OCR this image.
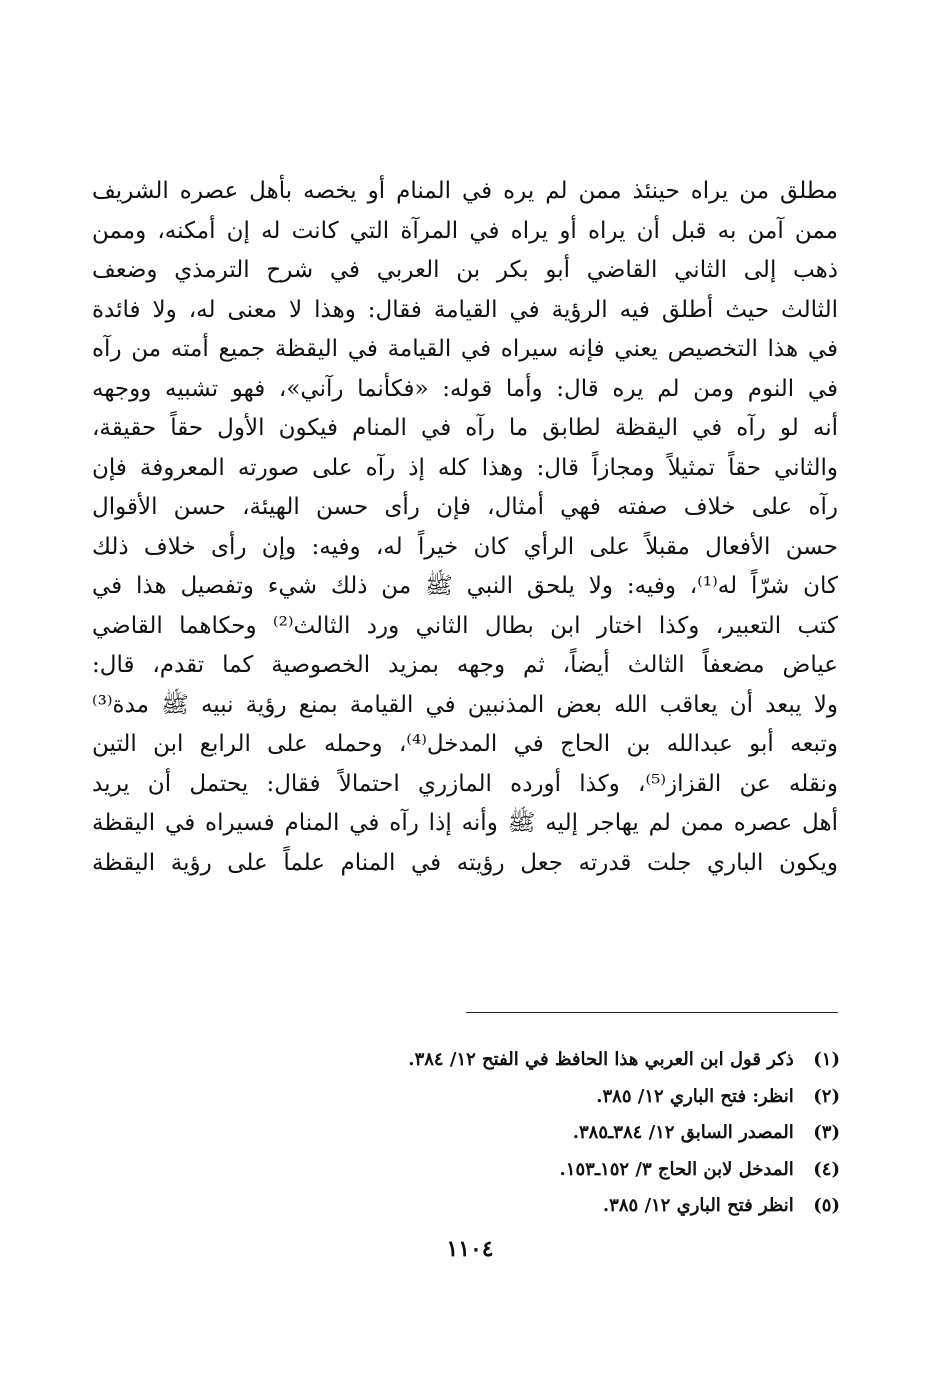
مطلق من يراه حينئذ ممن لم يره في المنام أو يخصه بأهل عصره الشريف
ممن آمن به قبل أن يراه أو يراه في المرآة التي كانت له إن أمكنه، وممن
ذهب إلى الثاني القاضي أبو بكر بن العربي في شرح الترمذي وضعف
الثالث حيث أطلق فيه الرؤية في القيامة فقال: وهذا لا معنى له، ولا فائدة
في هذا التخصيص يعني فإنه سيراه في القيامة في اليقظة جميع أمته من رآه
في النوم ومن لم يره قال: وأما قوله: «فكأنما رآني»، فهو تشبيه ووجهه
أنه لو رآه في اليقظة لطابق ما رآه في المنام فيكون الأول حقاً حقيقة،
والثاني حقاً تمثيلاً ومجازاً قال: وهذا كله إذ رآه على صورته المعروفة فإن
رآه على خلاف صفته فهي أمثال، فإن رأى حسن الهيئة، حسن الأقوال
حسن الأفعال مقبلاً على الرأي كان خيراً له، وفيه: وإن رأى خلاف ذلك
كان شرّاً له⁽¹⁾، وفيه: ولا يلحق النبي ﷺ من ذلك شيء وتفصيل هذا في
كتب التعبير، وكذا اختار ابن بطال الثاني ورد الثالث⁽²⁾ وحكاهما القاضي
عياض مضعفاً الثالث أيضاً، ثم وجهه بمزيد الخصوصية كما تقدم، قال:
ولا يبعد أن يعاقب الله بعض المذنبين في القيامة بمنع رؤية نبيه ﷺ مدة⁽³⁾
وتبعه أبو عبدالله بن الحاج في المدخل⁽⁴⁾، وحمله على الرابع ابن التين
ونقله عن القزاز⁽⁵⁾، وكذا أورده المازري احتمالاً فقال: يحتمل أن يريد
أهل عصره ممن لم يهاجر إليه ﷺ وأنه إذا رآه في المنام فسيراه في اليقظة
ويكون الباري جلت قدرته جعل رؤيته في المنام علماً على رؤية اليقظة
(١) ذكر قول ابن العربي هذا الحافظ في الفتح ١٢/ ٣٨٤.
(٢) انظر: فتح الباري ١٢/ ٣٨٥.
(٣) المصدر السابق ١٢/ ٣٨٤ـ٣٨٥.
(٤) المدخل لابن الحاج ٣/ ١٥٢ـ١٥٣.
(٥) انظر فتح الباري ١٢/ ٣٨٥.
١١٠٤
